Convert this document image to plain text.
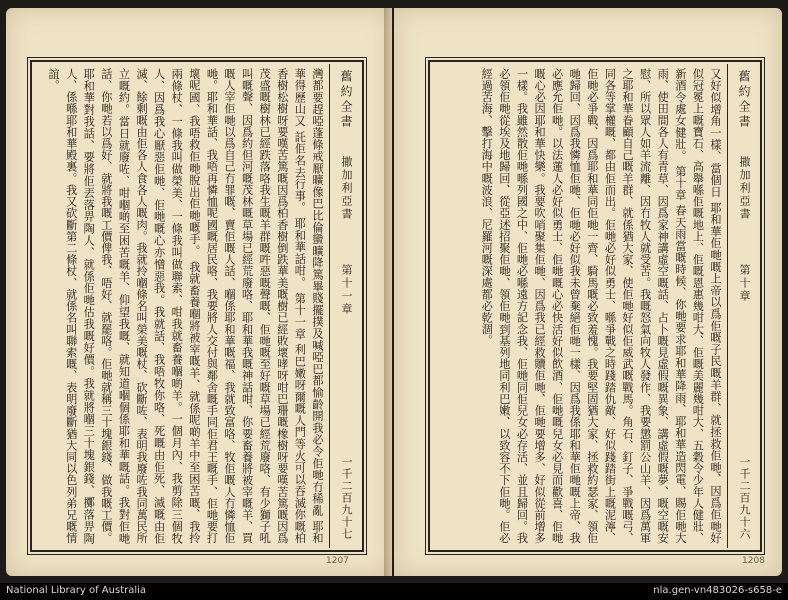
舊約全書
撒加利亞書
第十一章
一千二百九十七
灣都要趕啞蓬條戒厭曠像巴比倫蠻曠降篤畢賤擺撲及喊啞巴都愉齡開我必令佢哋冇稀亂 耶和華得歷山又 託佢名去行事。 耶和華話咁。 第十一章 利巴嫩呀爾嘅人門等火可以吞滅你嘅柏香樹松樹呀要嘆苦篤嘅因爲柏香樹倒跌華美嘅樹已經敗壞哮呀咁巴珊嘅橡樹呀要嘆苦篤嘅因爲茂盛嘅樹林已經跌落咯我生嘅羊群嘅吽惡嘅聲嘅、佢哋嘅至好嘅草場已經荒廢咯、有少獅子吼叫嘅聲、因爲約但河嘅茂林嘅草場已經荒廢咯、耶和華我嘅神話咁、你要畜養將被宰嘅羊、買嘅人宰佢哋以爲自己冇罪嘅、賣佢嘅人話、嗰係耶和華嘅福、我就致富咯、牧佢嘅人冇憐恤佢哋。耶和華話、我唔再憐恤呢國嘅居民咯、我要將人交付與鄰舍嘅手同佢君王嘅手、佢哋要打壞呢國、我唔救佢哋脫出佢哋嘅手。 我就畜養嗰將被宰嘅羊、就係呢啲羊中至困苦嘅、我拎兩條杖、一條我叫做榮美、一條我叫做聯索、咁我就畜養嗰啲羊。一個月內、我剪除三個牧人、因爲我心厭惡佢哋、佢哋嘅心亦憎惡我。我就話、我唔牧你咯、死嘅由佢死、滅嘅由佢滅、餘剩嘅由佢各人食各人嘅肉。我就拎嗰條名叫榮美嘅杖、砍斷咗、表明我廢咗我同萬民所立嘅約。當日就廢咗、咁嗰啲至困苦嘅羊、仰望我嘅、就知道嗰個係耶和華嘅話。我對佢哋話、你哋若以爲好、就將我嘅工價俾我、唔好、就罷咯。佢哋就稱三十塊銀錢、做我嘅工價。耶和華對我話、要將佢丟落畀陶人、就係佢哋估我嘅好價。我就將嗰三十塊銀錢、擲落畀陶人、係喺耶和華殿裏。我又砍斷第二條杖、就係名叫聯索嘅、表明廢斷猶大同以色列弟兄嘅情誼。
1207
舊約全書
撒加利亞書
第十章
一千二百九十六
又好似增角一樣、當個日 耶和華佢哋嘅上帝以爲佢嘅子民嘅羊群、就拯救佢哋、因爲佢哋好似冠冕上嘅寶石、高舉喺佢嘅地上、佢嘅恩惠幾咁大、佢嘅美麗幾咁大、五穀令少年人健壯、新酒令處女健壯。 第十章 春天雨當嘅時候、你哋要求耶和華降雨、耶和華造閃電、賜佢哋大雨、使田間各人有青草、因爲家神講虛空嘅話、占卜嘅見虛假嘅異象、講虛假嘅夢、嘅空嘅安慰、所以眾人如羊流離、因冇牧人就受苦。我嘅怒氣向牧人發作、我要懲罰公山羊、因爲萬軍之耶和華眷顧自己嘅羊群、就係猶大家、使佢哋好似佢威武嘅戰馬。角石、釘子、爭戰嘅弓、同各等掌權嘅、都由佢而出。佢哋必好似勇士、喺爭戰之時踐踏仇敵、好似踐踏街上嘅泥濘、佢哋必爭戰、因爲耶和華同佢哋一齊、騎馬嘅必致羞愧。我要堅固猶大家、拯救約瑟家、領佢哋歸回、因爲我憐恤佢哋、佢哋必好似我未曾棄絕佢哋一樣、因爲我係耶和華佢哋嘅上帝、我必應允佢哋。以法蓮人必好似勇士、佢哋嘅心必快活好似飲酒、佢哋嘅兒女必見而歡喜、佢哋嘅心必因耶和華快樂。我要吹哨聚集佢哋、因爲我已經救贖佢哋、佢哋要增多、好似從前增多一樣。我雖然散佢哋喺列國之中、佢哋必喺遠方記念我、佢哋同佢兒女必存活、並且歸回。我必領佢哋從埃及地歸回、從亞述招聚佢哋、領佢哋到基列地同利巴嫩、以致容不下佢哋。佢必經過苦海、擊打海中嘅波浪、尼羅河嘅深處都必乾涸。
1208
National Library of Australia	nla.gen-vn483026-s658-e
